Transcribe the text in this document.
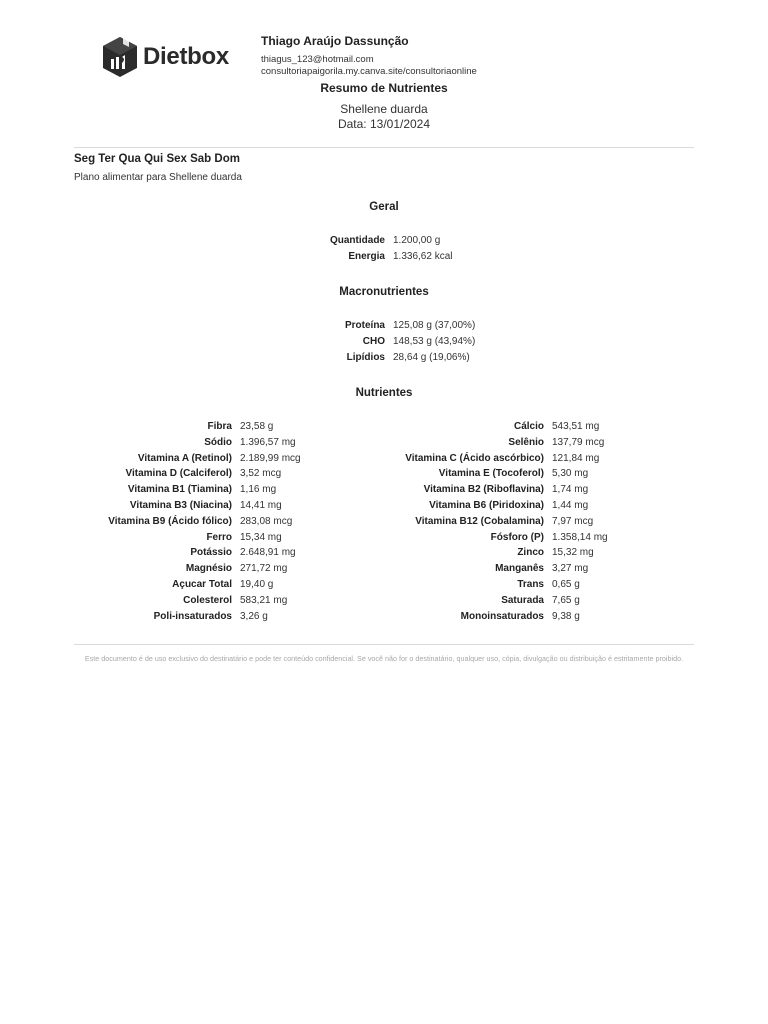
Dietbox
Thiago Araújo Dassunção
thiagus_123@hotmail.com
consultoriapaigorila.my.canva.site/consultoriaonline
Resumo de Nutrientes
Shellene duarda
Data: 13/01/2024
Seg Ter Qua Qui Sex Sab Dom
Plano alimentar para Shellene duarda
Geral
Quantidade 1.200,00 g
Energia 1.336,62 kcal
Macronutrientes
Proteína 125,08 g (37,00%)
CHO 148,53 g (43,94%)
Lipídios 28,64 g (19,06%)
Nutrientes
Fibra 23,58 g
Sódio 1.396,57 mg
Vitamina A (Retinol) 2.189,99 mcg
Vitamina D (Calciferol) 3,52 mcg
Vitamina B1 (Tiamina) 1,16 mg
Vitamina B3 (Niacina) 14,41 mg
Vitamina B9 (Ácido fólico) 283,08 mcg
Ferro 15,34 mg
Potássio 2.648,91 mg
Magnésio 271,72 mg
Açucar Total 19,40 g
Colesterol 583,21 mg
Poli-insaturados 3,26 g
Cálcio 543,51 mg
Selênio 137,79 mcg
Vitamina C (Ácido ascórbico) 121,84 mg
Vitamina E (Tocoferol) 5,30 mg
Vitamina B2 (Riboflavina) 1,74 mg
Vitamina B6 (Piridoxina) 1,44 mg
Vitamina B12 (Cobalamina) 7,97 mcg
Fósforo (P) 1.358,14 mg
Zinco 15,32 mg
Manganês 3,27 mg
Trans 0,65 g
Saturada 7,65 g
Monoinsaturados 9,38 g
Este documento é de uso exclusivo do destinatário e pode ter conteúdo confidencial. Se você não for o destinatário, qualquer uso, cópia, divulgação ou distribuição é estritamente proibido.
